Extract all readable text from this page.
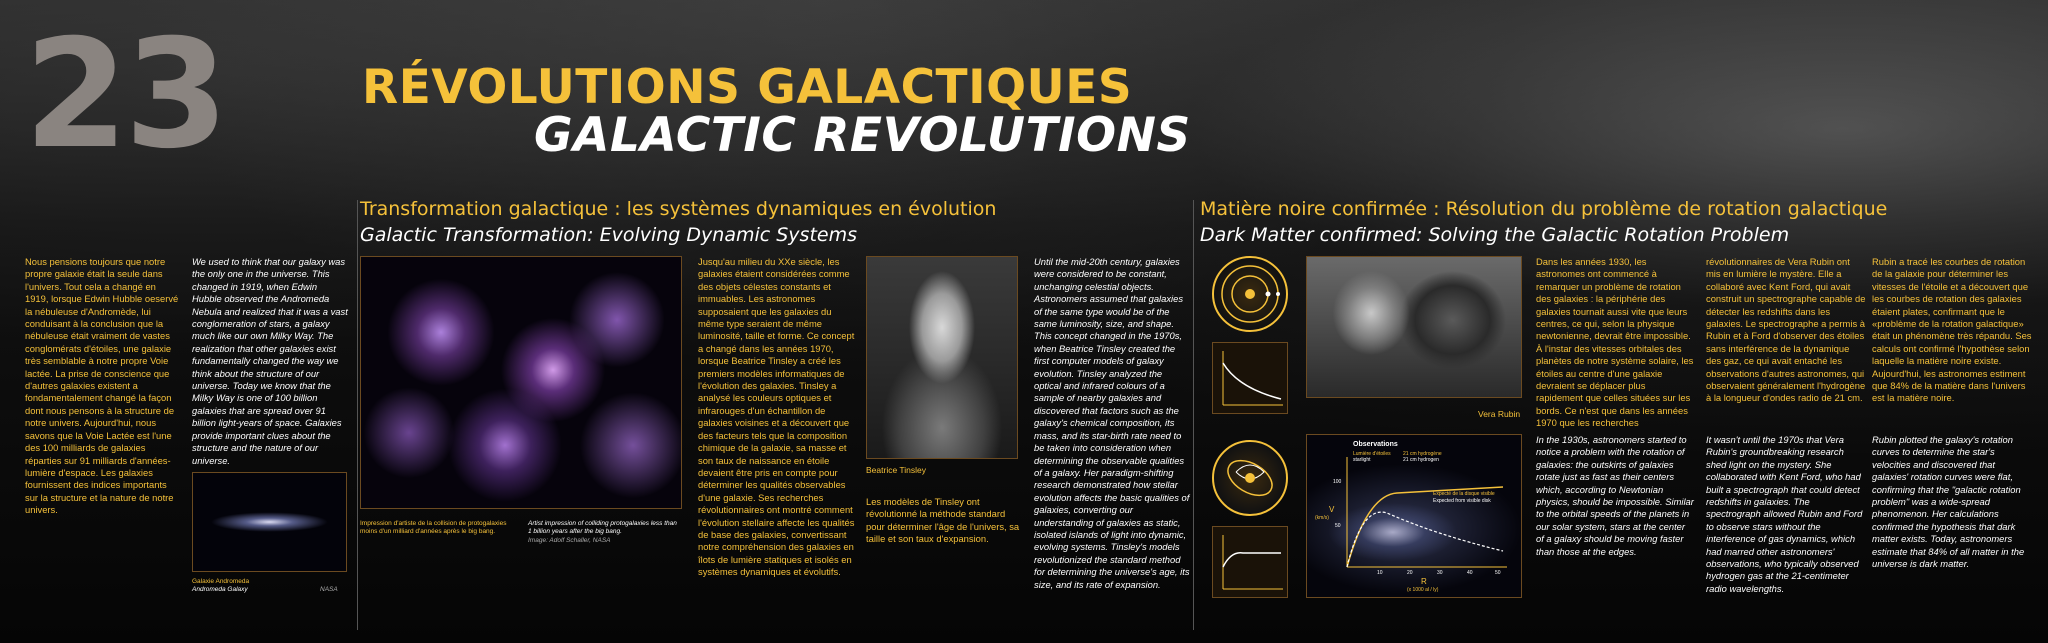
23	RÉVOLUTIONS GALACTIQUES
GALACTIC REVOLUTIONS
Nous pensions toujours que notre propre galaxie était la seule dans l'univers. Tout cela a changé en 1919, lorsque Edwin Hubble oeservé la nébuleuse d'Andromède, lui conduisant à la conclusion que la nébuleuse était vraiment de vastes conglomérats d'étoiles, une galaxie très semblable à notre propre Voie lactée. La prise de conscience que d'autres galaxies existent a fondamentalement changé la façon dont nous pensons à la structure de notre univers. Aujourd'hui, nous savons que la Voie Lactée est l'une des 100 milliards de galaxies réparties sur 91 milliards d'années-lumière d'espace. Les galaxies fournissent des indices importants sur la structure et la nature de notre univers.
We used to think that our galaxy was the only one in the universe. This changed in 1919, when Edwin Hubble observed the Andromeda Nebula and realized that it was a vast conglomeration of stars, a galaxy much like our own Milky Way. The realization that other galaxies exist fundamentally changed the way we think about the structure of our universe. Today we know that the Milky Way is one of 100 billion galaxies that are spread over 91 billion light-years of space. Galaxies provide important clues about the structure and the nature of our universe.
Galaxie Andromeda
Andromeda Galaxy	NASA
Transformation galactique : les systèmes dynamiques en évolution
Galactic Transformation: Evolving Dynamic Systems
Impression d'artiste de la collision de protogalaxies moins d'un milliard d'années après le big bang.
Artist impression of colliding protogalaxies less than 1 billion years after the big bang.
Image: Adolf Schaller, NASA
Jusqu'au milieu du XXe siècle, les galaxies étaient considérées comme des objets célestes constants et immuables. Les astronomes supposaient que les galaxies du même type seraient de même luminosité, taille et forme. Ce concept a changé dans les années 1970, lorsque Beatrice Tinsley a créé les premiers modèles informatiques de l'évolution des galaxies. Tinsley a analysé les couleurs optiques et infrarouges d'un échantillon de galaxies voisines et a découvert que des facteurs tels que la composition chimique de la galaxie, sa masse et son taux de naissance en étoile devaient être pris en compte pour déterminer les qualités observables d'une galaxie. Ses recherches révolutionnaires ont montré comment l'évolution stellaire affecte les qualités de base des galaxies, convertissant notre compréhension des galaxies en îlots de lumière statiques et isolés en systèmes dynamiques et évolutifs.
Beatrice Tinsley
Les modèles de Tinsley ont révolutionné la méthode standard pour déterminer l'âge de l'univers, sa taille et son taux d'expansion.
Until the mid-20th century, galaxies were considered to be constant, unchanging celestial objects. Astronomers assumed that galaxies of the same type would be of the same luminosity, size, and shape. This concept changed in the 1970s, when Beatrice Tinsley created the first computer models of galaxy evolution. Tinsley analyzed the optical and infrared colours of a sample of nearby galaxies and discovered that factors such as the galaxy's chemical composition, its mass, and its star-birth rate need to be taken into consideration when determining the observable qualities of a galaxy. Her paradigm-shifting research demonstrated how stellar evolution affects the basic qualities of galaxies, converting our understanding of galaxies as static, isolated islands of light into dynamic, evolving systems. Tinsley's models revolutionized the standard method for determining the universe's age, its size, and its rate of expansion.
Matière noire confirmée : Résolution du problème de rotation galactique
Dark Matter confirmed: Solving the Galactic Rotation Problem
Vera Rubin
Observations
Lumière d'étoiles
starlight
21 cm hydrogène
21 cm hydrogen
Expecté de la disque visible
Expected from visible disk
V
(km/s)
100
50
10	20	30	40	50
R
(x 1000 al / ly)
Dans les années 1930, les astronomes ont commencé à remarquer un problème de rotation des galaxies : la périphérie des galaxies tournait aussi vite que leurs centres, ce qui, selon la physique newtonienne, devrait être impossible. À l'instar des vitesses orbitales des planètes de notre système solaire, les étoiles au centre d'une galaxie devraient se déplacer plus rapidement que celles situées sur les bords. Ce n'est que dans les années 1970 que les recherches
révolutionnaires de Vera Rubin ont mis en lumière le mystère. Elle a collaboré avec Kent Ford, qui avait construit un spectrographe capable de détecter les redshifts dans les galaxies. Le spectrographe a permis à Rubin et à Ford d'observer des étoiles sans interférence de la dynamique des gaz, ce qui avait entaché les observations d'autres astronomes, qui observaient généralement l'hydrogène à la longueur d'ondes radio de 21 cm.
Rubin a tracé les courbes de rotation de la galaxie pour déterminer les vitesses de l'étoile et a découvert que les courbes de rotation des galaxies étaient plates, confirmant que le «problème de la rotation galactique» était un phénomène très répandu. Ses calculs ont confirmé l'hypothèse selon laquelle la matière noire existe. Aujourd'hui, les astronomes estiment que 84% de la matière dans l'univers est la matière noire.
In the 1930s, astronomers started to notice a problem with the rotation of galaxies: the outskirts of galaxies rotate just as fast as their centers which, according to Newtonian physics, should be impossible. Similar to the orbital speeds of the planets in our solar system, stars at the center of a galaxy should be moving faster than those at the edges.
It wasn't until the 1970s that Vera Rubin's groundbreaking research shed light on the mystery. She collaborated with Kent Ford, who had built a spectrograph that could detect redshifts in galaxies. The spectrograph allowed Rubin and Ford to observe stars without the interference of gas dynamics, which had marred other astronomers' observations, who typically observed hydrogen gas at the 21-centimeter radio wavelengths.
Rubin plotted the galaxy's rotation curves to determine the star's velocities and discovered that galaxies' rotation curves were flat, confirming that the "galactic rotation problem" was a wide-spread phenomenon. Her calculations confirmed the hypothesis that dark matter exists. Today, astronomers estimate that 84% of all matter in the universe is dark matter.
